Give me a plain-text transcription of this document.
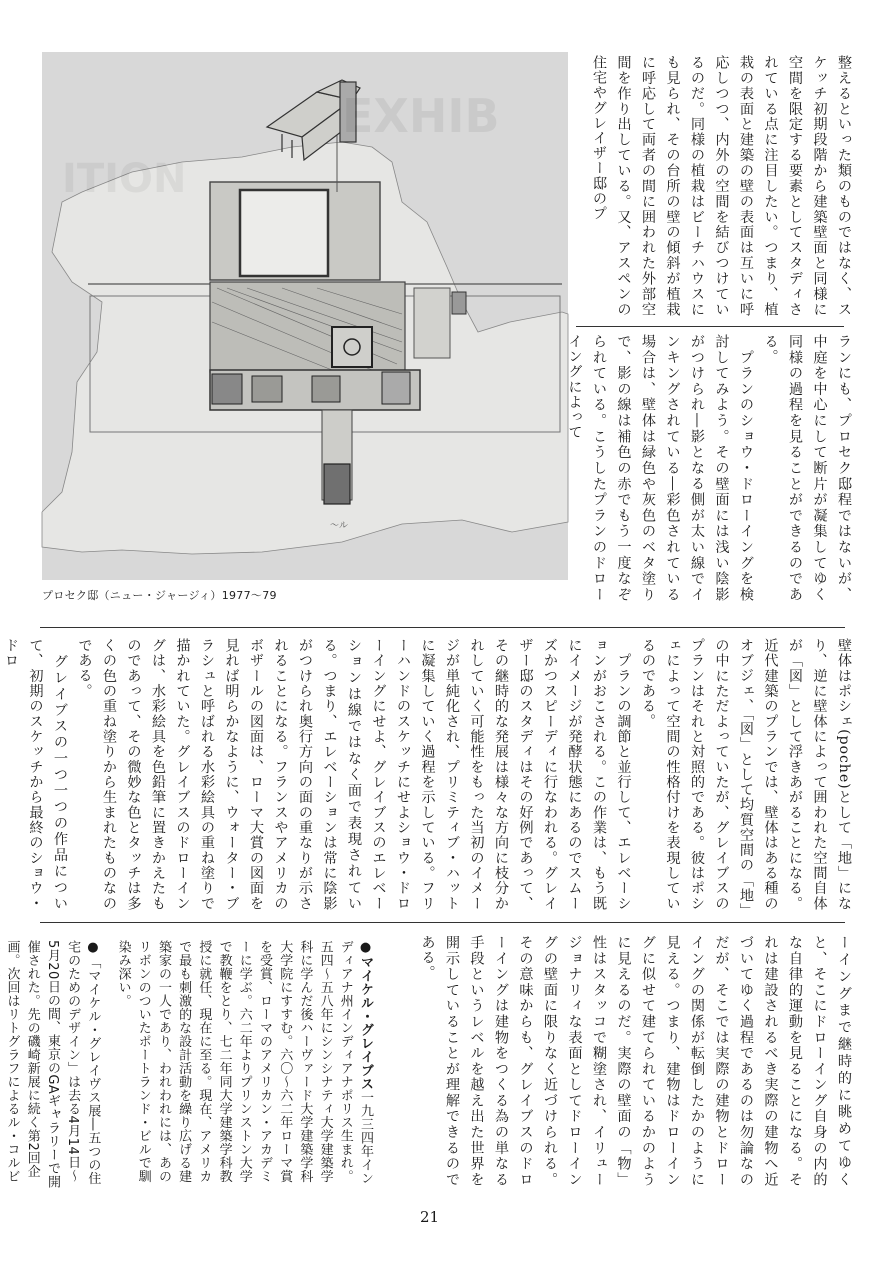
EXHIB
ITION
〜ル
プロセク邸（ニュー・ジャージィ）1977〜79

整えるといった類のものではなく、スケッチ初期段階から建築壁面と同様に空間を限定する要素としてスタディされている点に注目したい。つまり、植栽の表面と建築の壁の表面は互いに呼応しつつ、内外の空間を結びつけているのだ。同様の植栽はビーチハウスにも見られ、その台所の壁の傾斜が植栽に呼応して両者の間に囲われた外部空間を作り出している。又、アスペンの住宅やグレイザー邸のプ

ランにも、プロセク邸程ではないが、中庭を中心にして断片が凝集してゆく同様の過程を見ることができるのである。
　プランのショウ・ドローイングを検討してみよう。その壁面には浅い陰影がつけられ―影となる側が太い線でインキングされている―彩色されている場合は、壁体は緑色や灰色のベタ塗りで、影の線は補色の赤でもう一度なぞられている。こうしたプランのドローイングによって

壁体はポシェ(poche)として「地」になり、逆に壁体によって囲われた空間自体が「図」として浮きあがることになる。近代建築のプランでは、壁体はある種のオブジェ、「図」として均質空間の「地」の中にただよっていたが、グレイブスのプランはそれと対照的である。彼はポシェによって空間の性格付けを表現しているのである。
　プランの調節と並行して、エレベーションがおこされる。この作業は、もう既にイメージが発酵状態にあるのでスムーズかつスピーディに行なわれる。グレイザー邸のスタディはその好例であって、その継時的な発展は様々な方向に枝分かれしていく可能性をもった当初のイメージが単純化され、プリミティブ・ハットに凝集していく過程を示している。フリーハンドのスケッチにせよショウ・ドローイングにせよ、グレイブスのエレベーションは線ではなく面で表現されている。つまり、エレベーションは常に陰影がつけられ奥行方向の面の重なりが示されることになる。フランスやアメリカのボザールの図面は、ローマ大賞の図面を見れば明らかなように、ウォーター・ブラシュと呼ばれる水彩絵具の重ね塗りで描かれていた。グレイブスのドローイングは、水彩絵具を色鉛筆に置きかえたものであって、その微妙な色とタッチは多くの色の重ね塗りから生まれたものなのである。
　グレイブスの一つ一つの作品について、初期のスケッチから最終のショウ・ドロ

ーイングまで継時的に眺めてゆくと、そこにドローイング自身の内的な自律的運動を見ることになる。それは建設されるべき実際の建物へ近づいてゆく過程であるのは勿論なのだが、そこでは実際の建物とドローイングの関係が転倒したかのように見える。つまり、建物はドローイングに似せて建てられているかのように見えるのだ。実際の壁面の「物」性はスタッコで糊塗され、イリュージョナリィな表面としてドローイングの壁面に限りなく近づけられる。その意味からも、グレイブスのドローイングは建物をつくる為の単なる手段というレベルを越え出た世界を開示していることが理解できるのである。

●マイケル・グレイブス一九三四年インディアナ州インディアナポリス生まれ。五四〜五八年にシンシナティ大学建築学科に学んだ後ハーヴァード大学建築学科大学院にすすむ。六〇〜六二年ローマ賞を受賞、ローマのアメリカン・アカデミーに学ぶ。六二年よりプリンストン大学で教鞭をとり、七二年同大学建築学科教授に就任、現在に至る。現在、アメリカで最も刺激的な設計活動を繰り広げる建築家の一人であり、われわれには、あのリボンのついたポートランド・ビルで馴染み深い。

●「マイケル・グレイヴス展―五つの住宅のためのデザイン」は去る4月14日〜5月20日の間、東京のGAギャラリーで開催された。先の磯崎新展に続く第2回企画。次回はリトグラフによるル・コルビ

21
